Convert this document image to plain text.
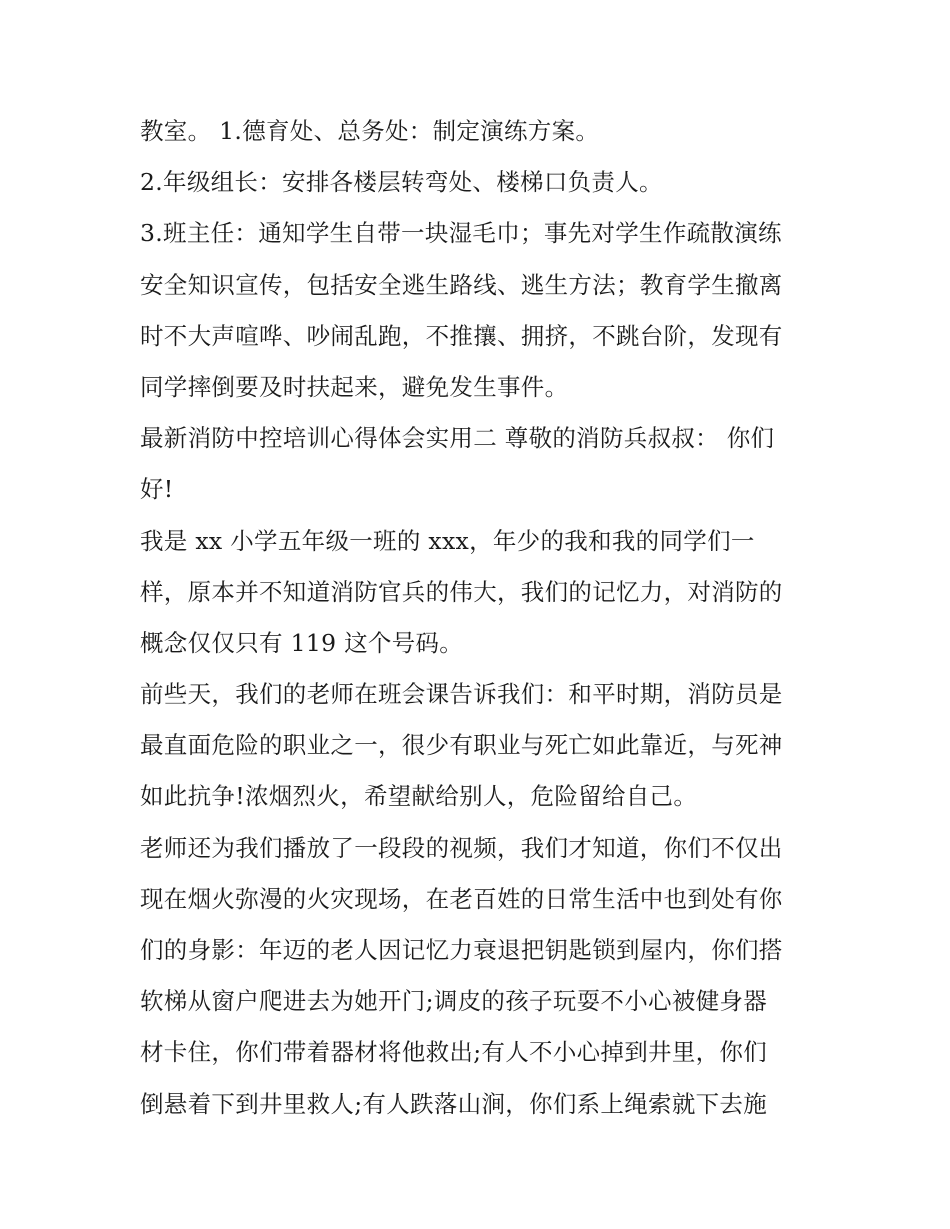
教室。 1.德育处、总务处：制定演练方案。
2.年级组长：安排各楼层转弯处、楼梯口负责人。
3.班主任：通知学生自带一块湿毛巾；事先对学生作疏散演练
安全知识宣传，包括安全逃生路线、逃生方法；教育学生撤离
时不大声喧哗、吵闹乱跑，不推攘、拥挤，不跳台阶，发现有
同学摔倒要及时扶起来，避免发生事件。
最新消防中控培训心得体会实用二 尊敬的消防兵叔叔： 你们
好!
我是 xx 小学五年级一班的 xxx，年少的我和我的同学们一
样，原本并不知道消防官兵的伟大，我们的记忆力，对消防的
概念仅仅只有 119 这个号码。
前些天，我们的老师在班会课告诉我们：和平时期，消防员是
最直面危险的职业之一，很少有职业与死亡如此靠近，与死神
如此抗争!浓烟烈火，希望献给别人，危险留给自己。
老师还为我们播放了一段段的视频，我们才知道，你们不仅出
现在烟火弥漫的火灾现场，在老百姓的日常生活中也到处有你
们的身影：年迈的老人因记忆力衰退把钥匙锁到屋内，你们搭
软梯从窗户爬进去为她开门;调皮的孩子玩耍不小心被健身器
材卡住，你们带着器材将他救出;有人不小心掉到井里，你们
倒悬着下到井里救人;有人跌落山涧，你们系上绳索就下去施
